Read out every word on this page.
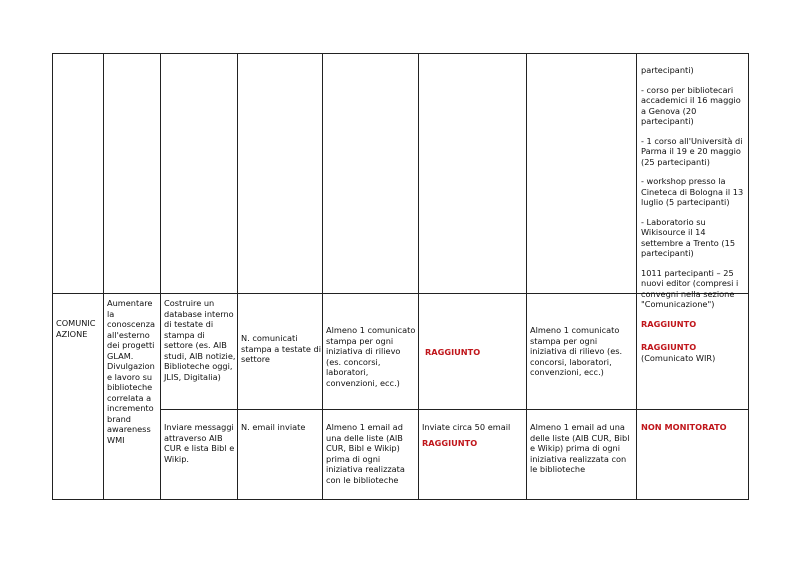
partecipanti)

- corso per bibliotecari accademici il 16 maggio a Genova (20 partecipanti)

- 1 corso all'Università di Parma il 19 e 20 maggio (25 partecipanti)

- workshop presso la Cineteca di Bologna il 13 luglio (5 partecipanti)

- Laboratorio su Wikisource il 14 settembre a Trento (15 partecipanti)

1011 partecipanti – 25 nuovi editor (compresi i convegni nella sezione "Comunicazione")

RAGGIUNTO

COMUNICAZIONE
Aumentare la conoscenza all'esterno dei progetti GLAM. Divulgazione lavoro su biblioteche correlata a incremento brand awareness WMI
Costruire un database interno di testate di stampa di settore (es. AIB studi, AIB notizie, Biblioteche oggi, JLIS, Digitalia)
N. comunicati stampa a testate di settore
Almeno 1 comunicato stampa per ogni iniziativa di rilievo (es. concorsi, laboratori, convenzioni, ecc.)
RAGGIUNTO
Almeno 1 comunicato stampa per ogni iniziativa di rilievo (es. concorsi, laboratori, convenzioni, ecc.)
RAGGIUNTO (Comunicato WIR)
Inviare messaggi attraverso AIB CUR e lista Bibl e Wikip.
N. email inviate	Almeno 1 email ad una delle liste (AIB CUR, Bibl e Wikip) prima di ogni iniziativa realizzata con le biblioteche
Inviate circa 50 email
RAGGIUNTO
Almeno 1 email ad una delle liste (AIB CUR, Bibl e Wikip) prima di ogni iniziativa realizzata con le biblioteche
NON MONITORATO
